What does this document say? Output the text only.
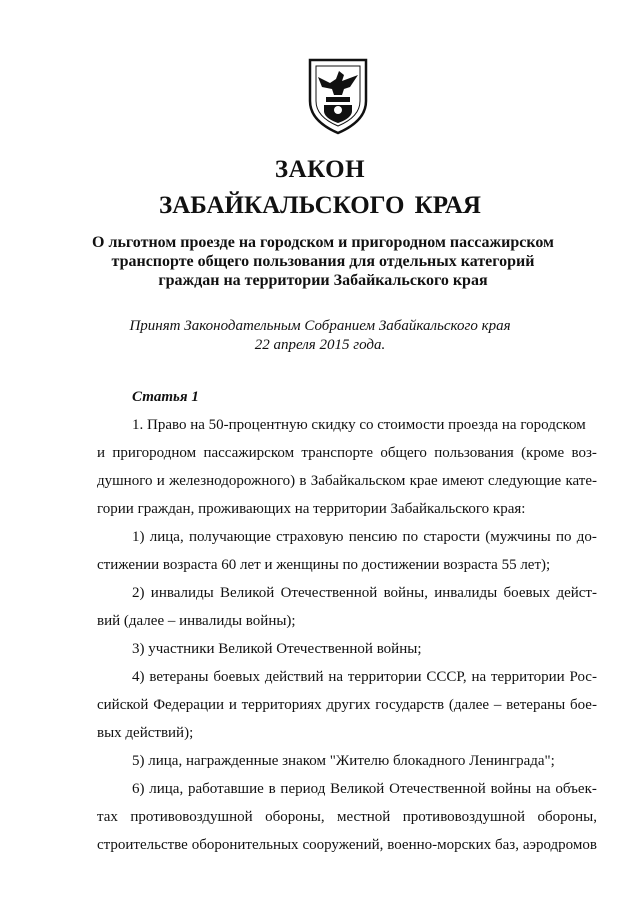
ЗАКОН
ЗАБАЙКАЛЬСКОГО КРАЯ
О льготном проезде на городском и пригородном пассажирском
транспорте общего пользования для отдельных категорий
граждан на территории Забайкальского края
Принят Законодательным Собранием Забайкальского края
22 апреля 2015 года.
Статья 1
1. Право на 50-процентную скидку со стоимости проезда на городском
и пригородном пассажирском транспорте общего пользования (кроме воз-
душного и железнодорожного) в Забайкальском крае имеют следующие кате-
гории граждан, проживающих на территории Забайкальского края:
1) лица, получающие страховую пенсию по старости (мужчины по до-
стижении возраста 60 лет и женщины по достижении возраста 55 лет);
2) инвалиды Великой Отечественной войны, инвалиды боевых дейст-
вий (далее – инвалиды войны);
3) участники Великой Отечественной войны;
4) ветераны боевых действий на территории СССР, на территории Рос-
сийской Федерации и территориях других государств (далее – ветераны бое-
вых действий);
5) лица, награжденные знаком "Жителю блокадного Ленинграда";
6) лица, работавшие в период Великой Отечественной войны на объек-
тах противовоздушной обороны, местной противовоздушной обороны,
строительстве оборонительных сооружений, военно-морских баз, аэродромов
